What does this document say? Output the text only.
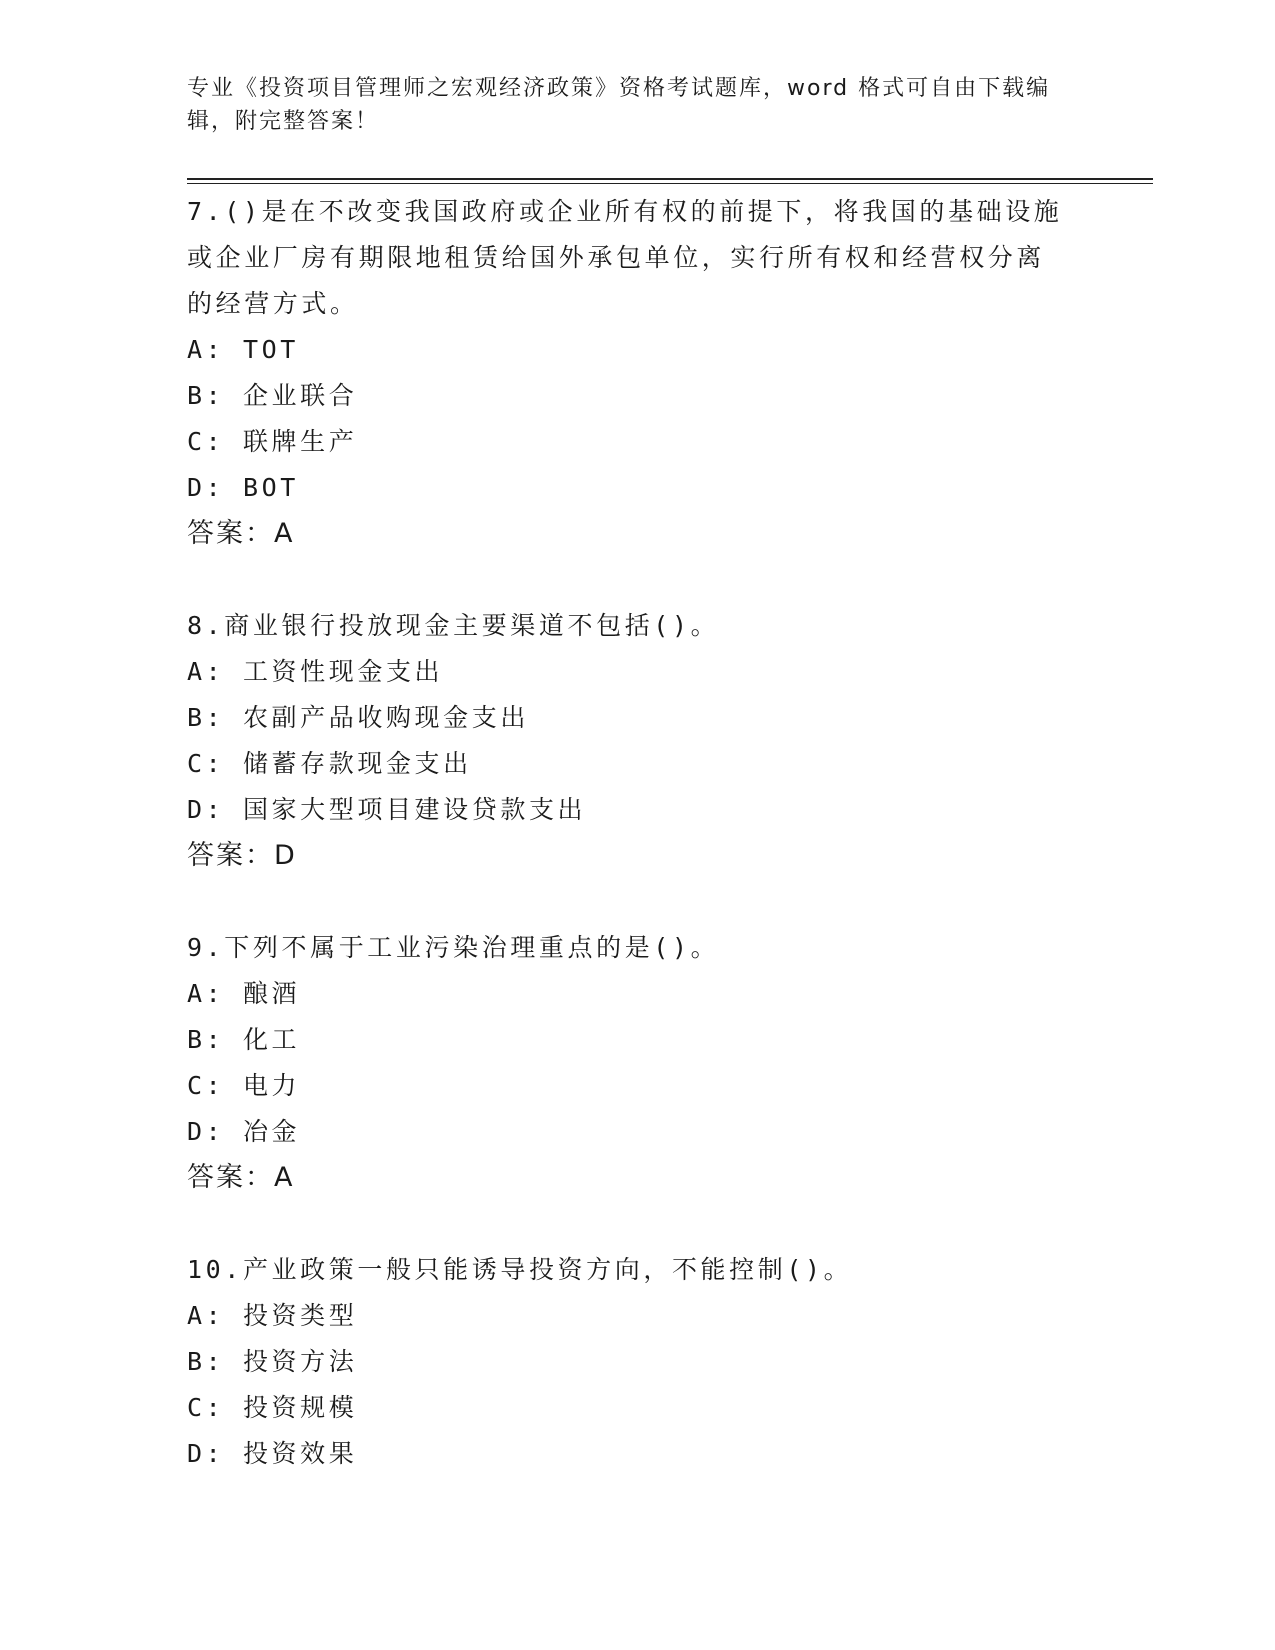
专业《投资项目管理师之宏观经济政策》资格考试题库，word 格式可自由下载编辑，附完整答案！

7.()是在不改变我国政府或企业所有权的前提下，将我国的基础设施或企业厂房有期限地租赁给国外承包单位，实行所有权和经营权分离的经营方式。

A: TOT

B: 企业联合

C: 联牌生产

D: BOT

答案：A

8.商业银行投放现金主要渠道不包括()。

A: 工资性现金支出

B: 农副产品收购现金支出

C: 储蓄存款现金支出

D: 国家大型项目建设贷款支出

答案：D

9.下列不属于工业污染治理重点的是()。

A: 酿酒

B: 化工

C: 电力

D: 冶金

答案：A

10.产业政策一般只能诱导投资方向，不能控制()。

A: 投资类型

B: 投资方法

C: 投资规模

D: 投资效果
